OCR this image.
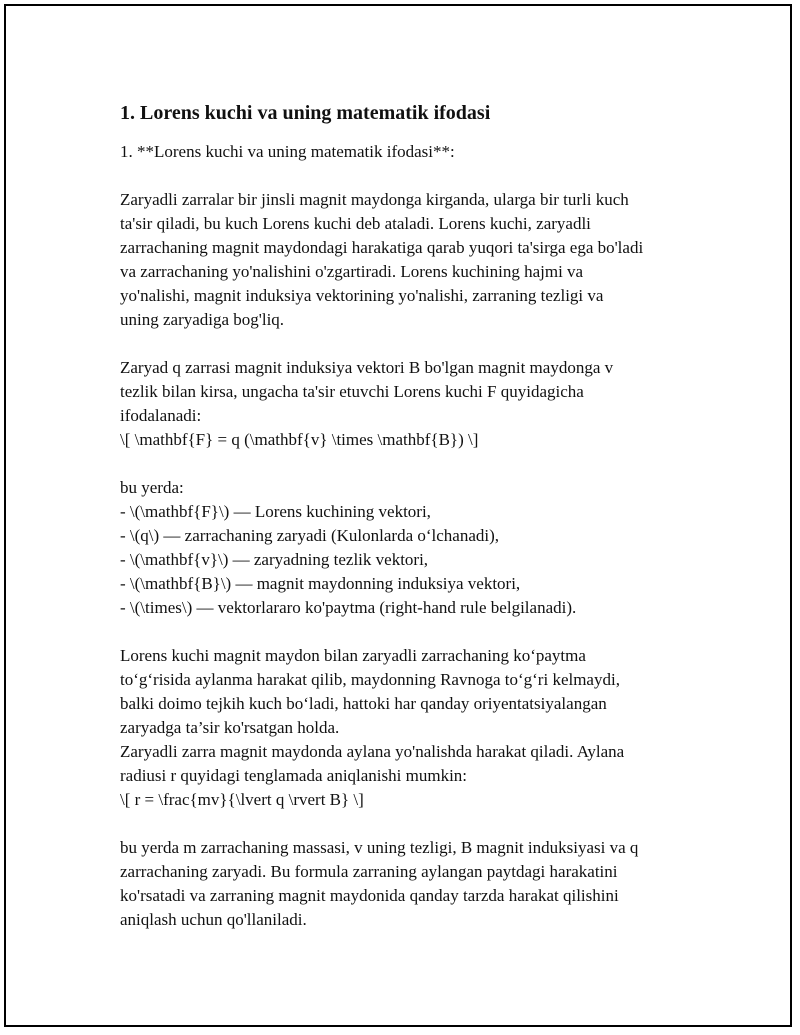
1. Lorens kuchi va uning matematik ifodasi

1. **Lorens kuchi va uning matematik ifodasi**:

Zaryadli zarralar bir jinsli magnit maydonga kirganda, ularga bir turli kuch
ta'sir qiladi, bu kuch Lorens kuchi deb ataladi. Lorens kuchi, zaryadli
zarrachaning magnit maydondagi harakatiga qarab yuqori ta'sirga ega bo'ladi
va zarrachaning yo'nalishini o'zgartiradi. Lorens kuchining hajmi va
yo'nalishi, magnit induksiya vektorining yo'nalishi, zarraning tezligi va
uning zaryadiga bog'liq.

Zaryad q zarrasi magnit induksiya vektori B bo'lgan magnit maydonga v
tezlik bilan kirsa, ungacha ta'sir etuvchi Lorens kuchi F quyidagicha
ifodalanadi:
\[ \mathbf{F} = q (\mathbf{v} \times \mathbf{B}) \]

bu yerda:
- \(\mathbf{F}\) — Lorens kuchining vektori,
- \(q\) — zarrachaning zaryadi (Kulonlarda o‘lchanadi),
- \(\mathbf{v}\) — zaryadning tezlik vektori,
- \(\mathbf{B}\) — magnit maydonning induksiya vektori,
- \(\times\) — vektorlararo ko'paytma (right-hand rule belgilanadi).

Lorens kuchi magnit maydon bilan zaryadli zarrachaning ko‘paytma
to‘g‘risida aylanma harakat qilib, maydonning Ravnoga to‘g‘ri kelmaydi,
balki doimo tejkih kuch bo‘ladi, hattoki har qanday oriyentatsiyalangan
zaryadga ta’sir ko'rsatgan holda.
Zaryadli zarra magnit maydonda aylana yo'nalishda harakat qiladi. Aylana
radiusi r quyidagi tenglamada aniqlanishi mumkin:
\[ r = \frac{mv}{\lvert q \rvert B} \]

bu yerda m zarrachaning massasi, v uning tezligi, B magnit induksiyasi va q
zarrachaning zaryadi. Bu formula zarraning aylangan paytdagi harakatini
ko'rsatadi va zarraning magnit maydonida qanday tarzda harakat qilishini
aniqlash uchun qo'llaniladi.
